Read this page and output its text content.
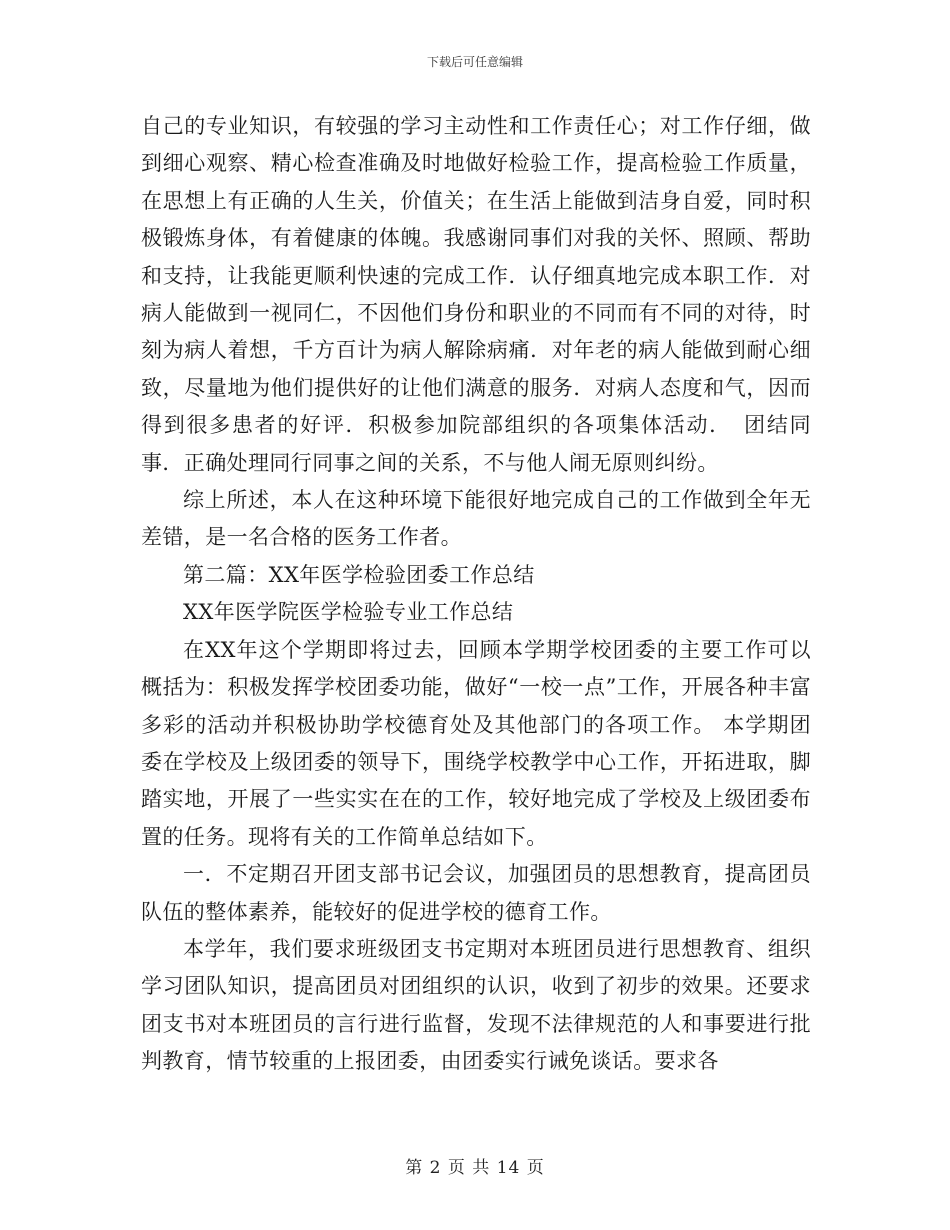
下载后可任意编辑

自己的专业知识，有较强的学习主动性和工作责任心；对工作仔细，做到细心观察、精心检查准确及时地做好检验工作，提高检验工作质量，在思想上有正确的人生关，价值关；在生活上能做到洁身自爱，同时积极锻炼身体，有着健康的体魄。我感谢同事们对我的关怀、照顾、帮助和支持，让我能更顺利快速的完成工作．认仔细真地完成本职工作．对病人能做到一视同仁，不因他们身份和职业的不同而有不同的对待，时刻为病人着想，千方百计为病人解除病痛．对年老的病人能做到耐心细致，尽量地为他们提供好的让他们满意的服务．对病人态度和气，因而得到很多患者的好评．积极参加院部组织的各项集体活动．　团结同事．正确处理同行同事之间的关系，不与他人闹无原则纠纷。

综上所述，本人在这种环境下能很好地完成自己的工作做到全年无差错，是一名合格的医务工作者。

第二篇：XX年医学检验团委工作总结

XX年医学院医学检验专业工作总结

在XX年这个学期即将过去，回顾本学期学校团委的主要工作可以概括为：积极发挥学校团委功能，做好“一校一点”工作，开展各种丰富多彩的活动并积极协助学校德育处及其他部门的各项工作。 本学期团委在学校及上级团委的领导下，围绕学校教学中心工作，开拓进取，脚踏实地，开展了一些实实在在的工作，较好地完成了学校及上级团委布置的任务。现将有关的工作简单总结如下。

一．不定期召开团支部书记会议，加强团员的思想教育，提高团员队伍的整体素养，能较好的促进学校的德育工作。

本学年，我们要求班级团支书定期对本班团员进行思想教育、组织学习团队知识，提高团员对团组织的认识，收到了初步的效果。还要求团支书对本班团员的言行进行监督，发现不法律规范的人和事要进行批判教育，情节较重的上报团委，由团委实行诫免谈话。要求各

第 2 页 共 14 页
